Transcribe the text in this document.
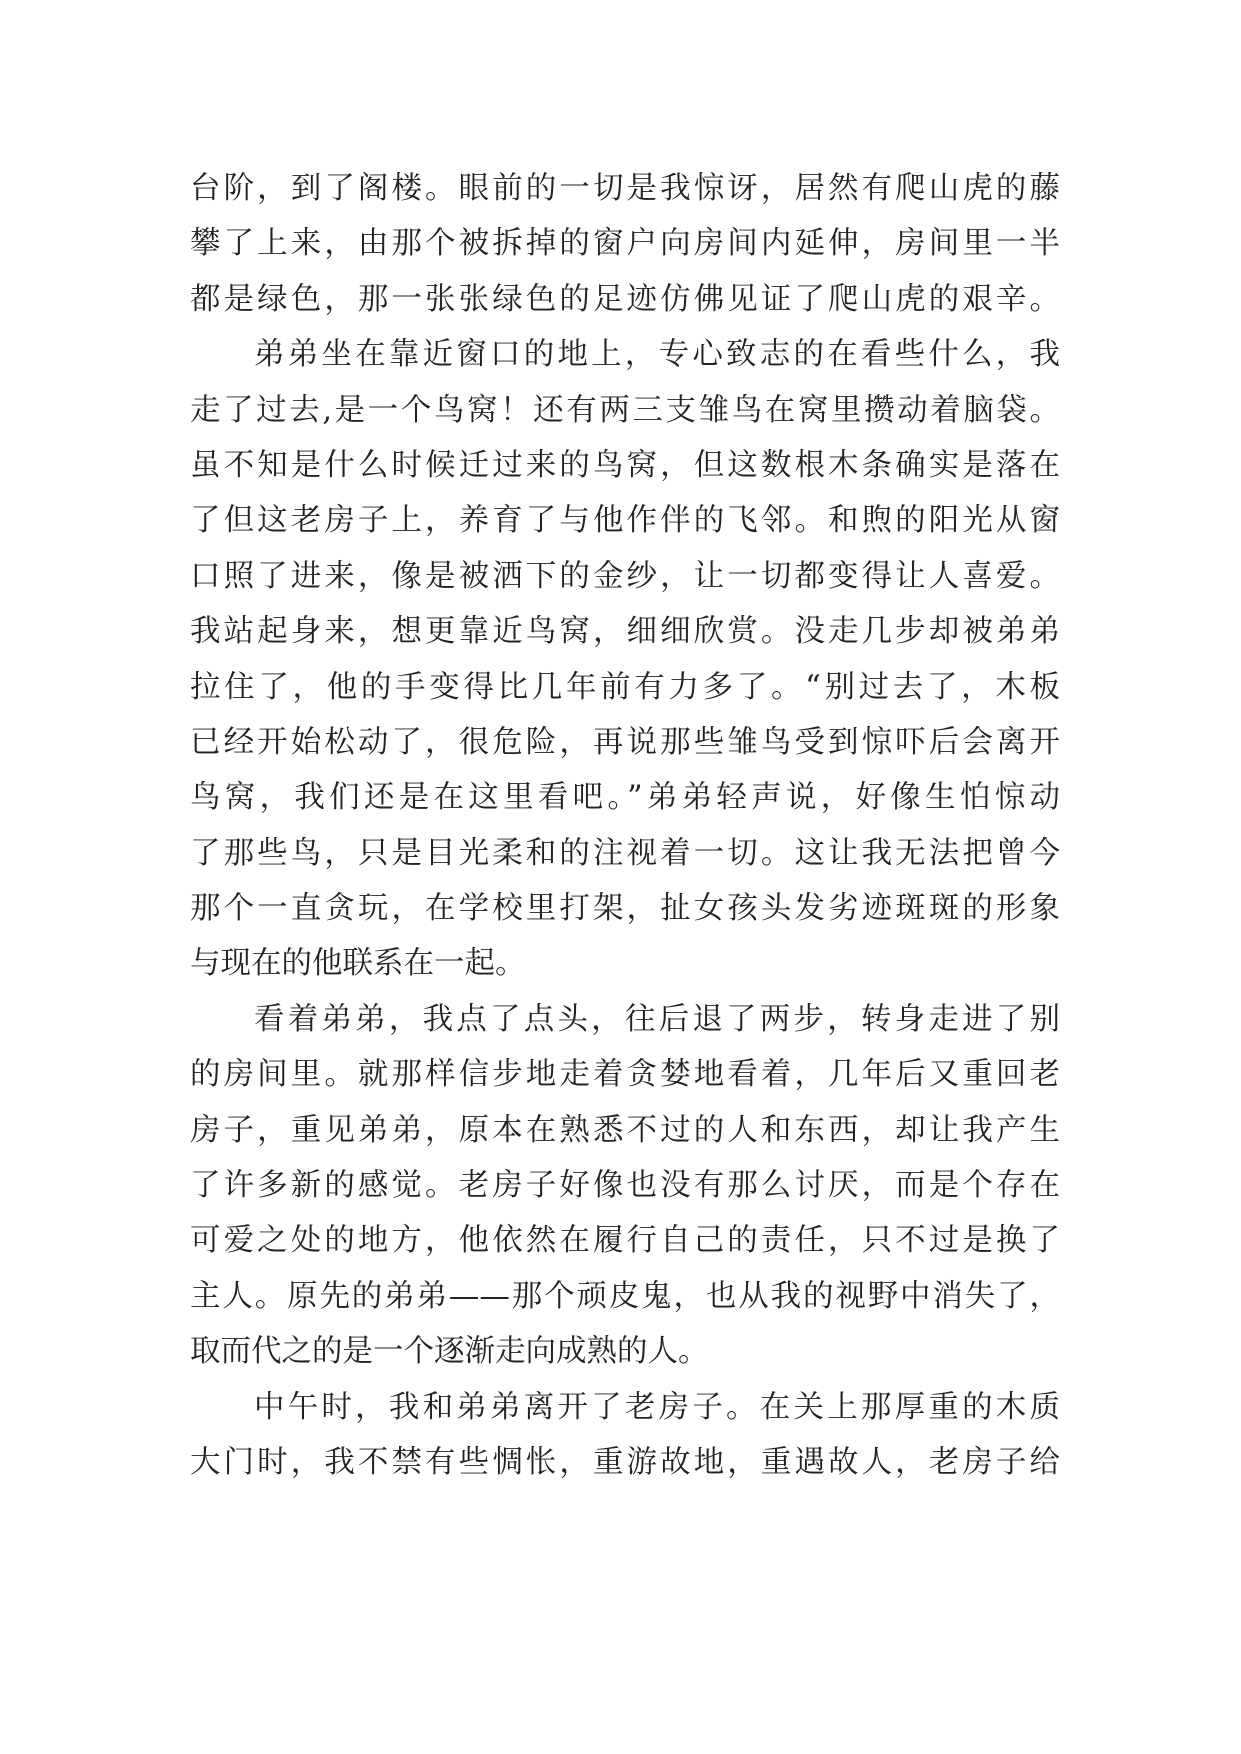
台阶，到了阁楼。眼前的一切是我惊讶，居然有爬山虎的藤
攀了上来，由那个被拆掉的窗户向房间内延伸，房间里一半
都是绿色，那一张张绿色的足迹仿佛见证了爬山虎的艰辛。
弟弟坐在靠近窗口的地上，专心致志的在看些什么，我
走了过去,是一个鸟窝！还有两三支雏鸟在窝里攒动着脑袋。
虽不知是什么时候迁过来的鸟窝，但这数根木条确实是落在
了但这老房子上，养育了与他作伴的飞邻。和煦的阳光从窗
口照了进来，像是被洒下的金纱，让一切都变得让人喜爱。
我站起身来，想更靠近鸟窝，细细欣赏。没走几步却被弟弟
拉住了，他的手变得比几年前有力多了。“别过去了，木板
已经开始松动了，很危险，再说那些雏鸟受到惊吓后会离开
鸟窝，我们还是在这里看吧。”弟弟轻声说，好像生怕惊动
了那些鸟，只是目光柔和的注视着一切。这让我无法把曾今
那个一直贪玩，在学校里打架，扯女孩头发劣迹斑斑的形象
与现在的他联系在一起。
看着弟弟，我点了点头，往后退了两步，转身走进了别
的房间里。就那样信步地走着贪婪地看着，几年后又重回老
房子，重见弟弟，原本在熟悉不过的人和东西，却让我产生
了许多新的感觉。老房子好像也没有那么讨厌，而是个存在
可爱之处的地方，他依然在履行自己的责任，只不过是换了
主人。原先的弟弟——那个顽皮鬼，也从我的视野中消失了，
取而代之的是一个逐渐走向成熟的人。
中午时，我和弟弟离开了老房子。在关上那厚重的木质
大门时，我不禁有些惆怅，重游故地，重遇故人，老房子给
